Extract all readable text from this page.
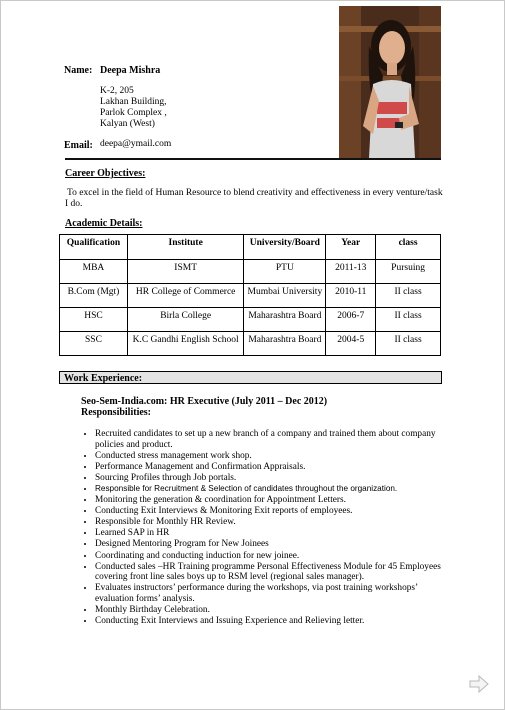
Name: Deepa Mishra
K-2, 205
Lakhan Building,
Parlok Complex ,
Kalyan (West)
Email: deepa@ymail.com
Career Objectives:
To excel in the field of Human Resource to blend creativity and effectiveness in every venture/task I do.
Academic Details:
Qualification	Institute	University/Board	Year	class
MBA	ISMT	PTU	2011-13	Pursuing
B.Com (Mgt)	HR College of Commerce	Mumbai University	2010-11	II class
HSC	Birla College	Maharashtra Board	2006-7	II class
SSC	K.C Gandhi English School	Maharashtra Board	2004-5	II class
Work Experience:
Seo-Sem-India.com: HR Executive (July 2011 – Dec 2012)
Responsibilities:
• Recruited candidates to set up a new branch of a company and trained them about company policies and product.
• Conducted stress management work shop.
• Performance Management and Confirmation Appraisals.
• Sourcing Profiles through Job portals.
• Responsible for Recruitment & Selection of candidates throughout the organization.
• Monitoring the generation & coordination for Appointment Letters.
• Conducting Exit Interviews & Monitoring Exit reports of employees.
• Responsible for Monthly HR Review.
• Learned SAP in HR
• Designed Mentoring Program for New Joinees
• Coordinating and conducting induction for new joinee.
• Conducted sales –HR Training programme Personal Effectiveness Module for 45 Employees covering front line sales boys up to RSM level (regional sales manager).
• Evaluates instructors’ performance during the workshops, via post training workshops’ evaluation forms’ analysis.
• Monthly Birthday Celebration.
• Conducting Exit Interviews and Issuing Experience and Relieving letter.
